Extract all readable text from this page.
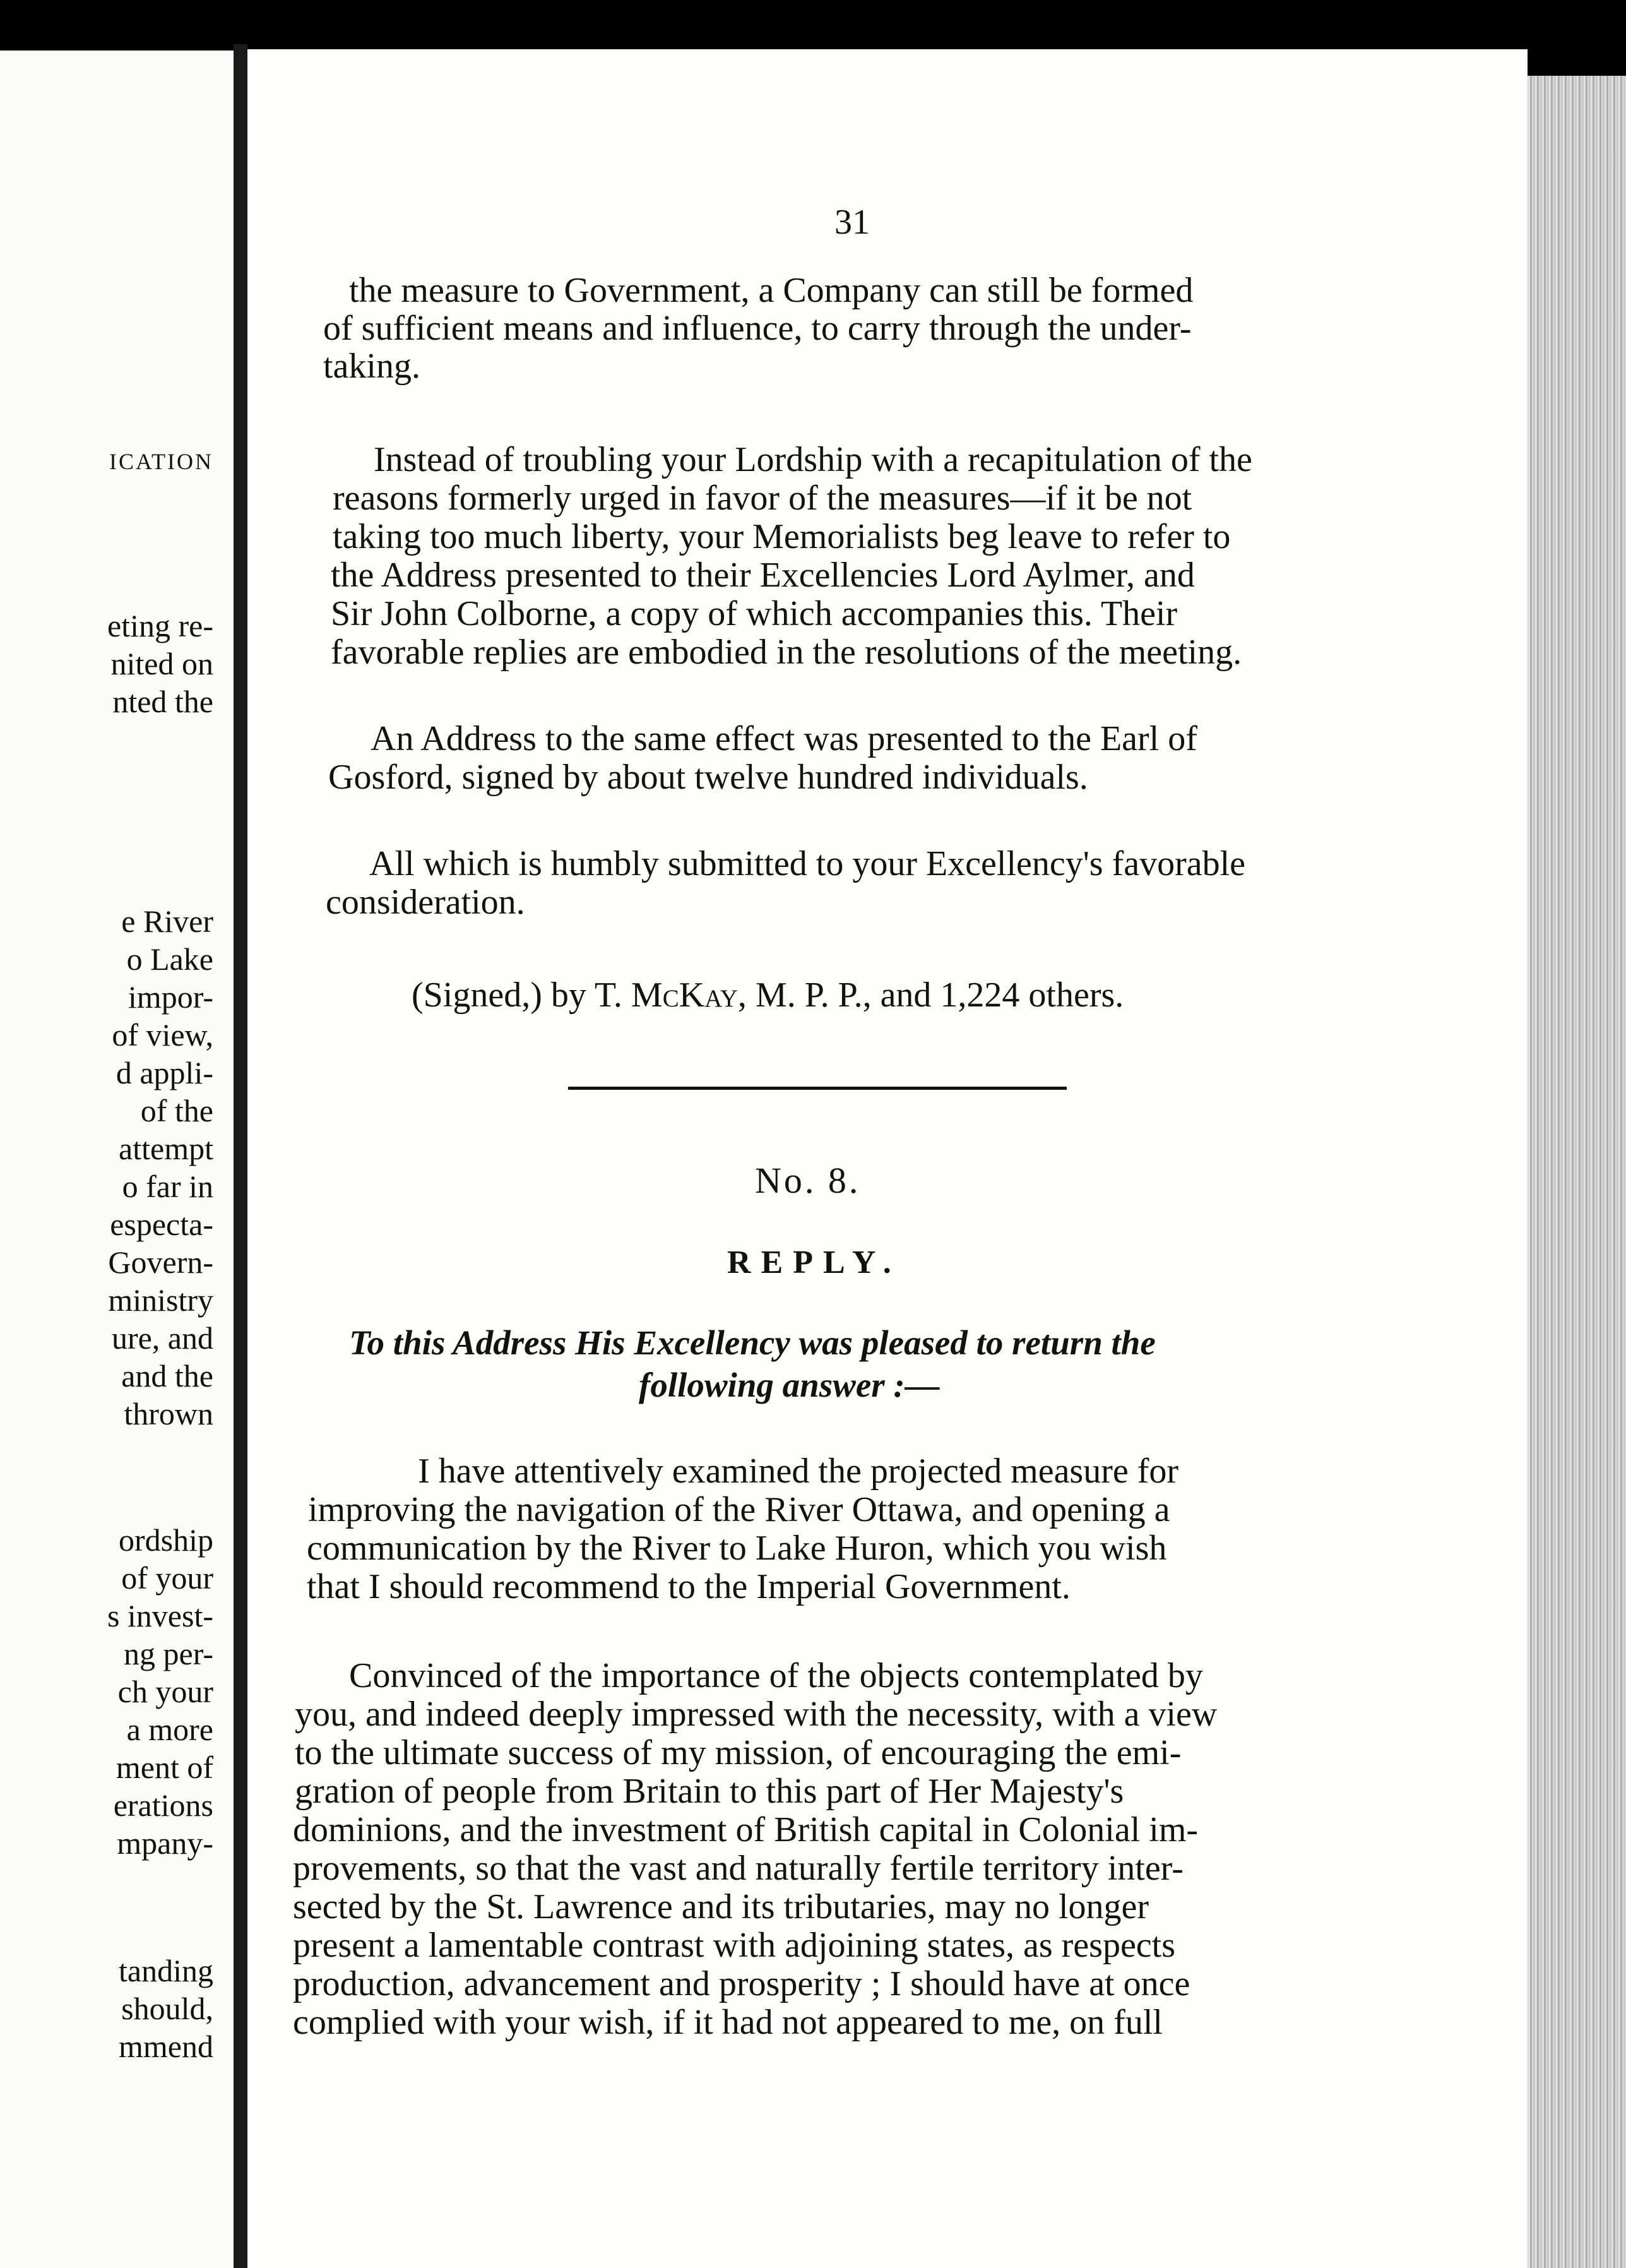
ICATION
eting re-
nited on
nted the
e River
o Lake
impor-
of view,
d appli-
of the
attempt
o far in
especta-
Govern-
ministry
ure, and
and the
thrown
ordship
of your
s invest-
ng per-
ch your
a more
ment of
erations
mpany-
tanding
should,
mmend
31
the measure to Government, a Company can still be formed
of sufficient means and influence, to carry through the under-
taking.
Instead of troubling your Lordship with a recapitulation of the
reasons formerly urged in favor of the measures—if it be not
taking too much liberty, your Memorialists beg leave to refer to
the Address presented to their Excellencies Lord Aylmer, and
Sir John Colborne, a copy of which accompanies this. Their
favorable replies are embodied in the resolutions of the meeting.
An Address to the same effect was presented to the Earl of
Gosford, signed by about twelve hundred individuals.
All which is humbly submitted to your Excellency's favorable
consideration.
(Signed,) by T. McKay, M. P. P., and 1,224 others.
No. 8.
REPLY.
To this Address His Excellency was pleased to return the
following answer :—
I have attentively examined the projected measure for
improving the navigation of the River Ottawa, and opening a
communication by the River to Lake Huron, which you wish
that I should recommend to the Imperial Government.
Convinced of the importance of the objects contemplated by
you, and indeed deeply impressed with the necessity, with a view
to the ultimate success of my mission, of encouraging the emi-
gration of people from Britain to this part of Her Majesty's
dominions, and the investment of British capital in Colonial im-
provements, so that the vast and naturally fertile territory inter-
sected by the St. Lawrence and its tributaries, may no longer
present a lamentable contrast with adjoining states, as respects
production, advancement and prosperity ; I should have at once
complied with your wish, if it had not appeared to me, on full
